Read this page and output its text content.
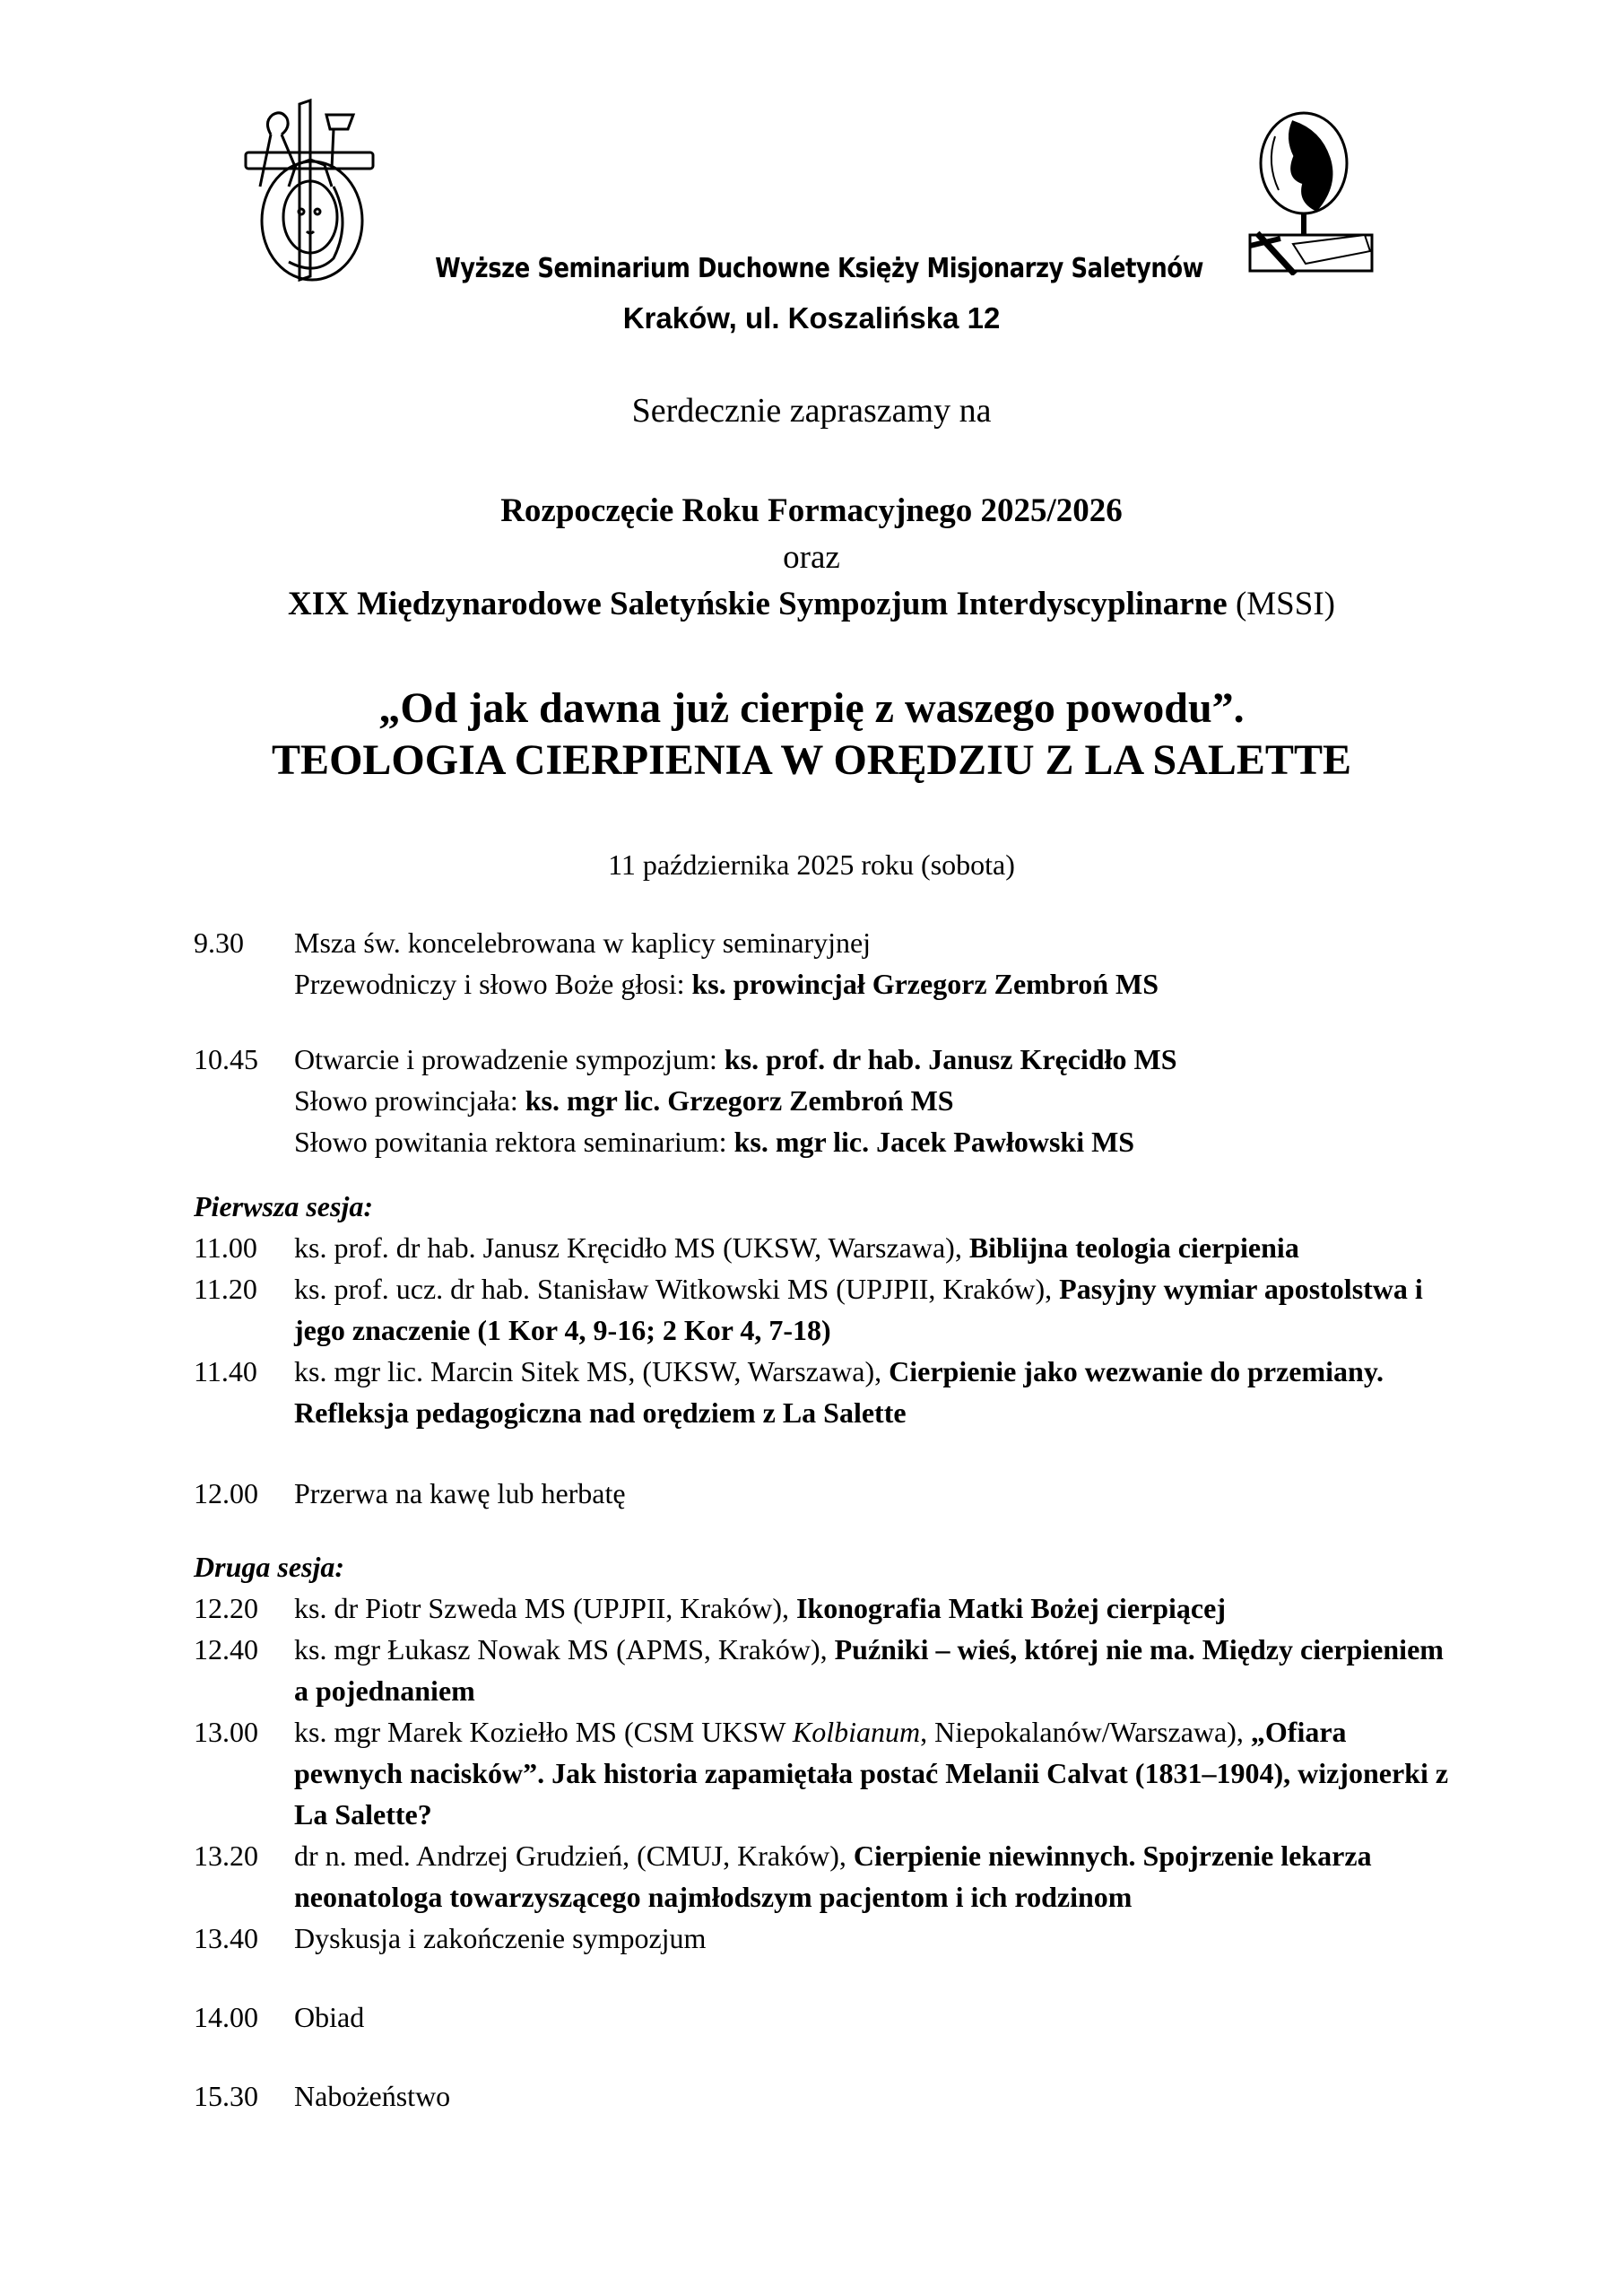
Wyższe Seminarium Duchowne Księży Misjonarzy Saletynów
Kraków, ul. Koszalińska 12
Serdecznie zapraszamy na
Rozpoczęcie Roku Formacyjnego 2025/2026
oraz
XIX Międzynarodowe Saletyńskie Sympozjum Interdyscyplinarne (MSSI)
„Od jak dawna już cierpię z waszego powodu”.
TEOLOGIA CIERPIENIA W ORĘDZIU Z LA SALETTE
11 października 2025 roku (sobota)
9.30 Msza św. koncelebrowana w kaplicy seminaryjnej
Przewodniczy i słowo Boże głosi: ks. prowincjał Grzegorz Zembroń MS
10.45 Otwarcie i prowadzenie sympozjum: ks. prof. dr hab. Janusz Kręcidło MS
Słowo prowincjała: ks. mgr lic. Grzegorz Zembroń MS
Słowo powitania rektora seminarium: ks. mgr lic. Jacek Pawłowski MS
Pierwsza sesja:
11.00 ks. prof. dr hab. Janusz Kręcidło MS (UKSW, Warszawa), Biblijna teologia cierpienia
11.20 ks. prof. ucz. dr hab. Stanisław Witkowski MS (UPJPII, Kraków), Pasyjny wymiar apostolstwa i jego znaczenie (1 Kor 4, 9-16; 2 Kor 4, 7-18)
11.40 ks. mgr lic. Marcin Sitek MS, (UKSW, Warszawa), Cierpienie jako wezwanie do przemiany. Refleksja pedagogiczna nad orędziem z La Salette
12.00 Przerwa na kawę lub herbatę
Druga sesja:
12.20 ks. dr Piotr Szweda MS (UPJPII, Kraków), Ikonografia Matki Bożej cierpiącej
12.40 ks. mgr Łukasz Nowak MS (APMS, Kraków), Puźniki – wieś, której nie ma. Między cierpieniem a pojednaniem
13.00 ks. mgr Marek Koziełło MS (CSM UKSW Kolbianum, Niepokalanów/Warszawa), „Ofiara pewnych nacisków”. Jak historia zapamiętała postać Melanii Calvat (1831–1904), wizjonerki z La Salette?
13.20 dr n. med. Andrzej Grudzień, (CMUJ, Kraków), Cierpienie niewinnych. Spojrzenie lekarza neonatologa towarzyszącego najmłodszym pacjentom i ich rodzinom
13.40 Dyskusja i zakończenie sympozjum
14.00 Obiad
15.30 Nabożeństwo
